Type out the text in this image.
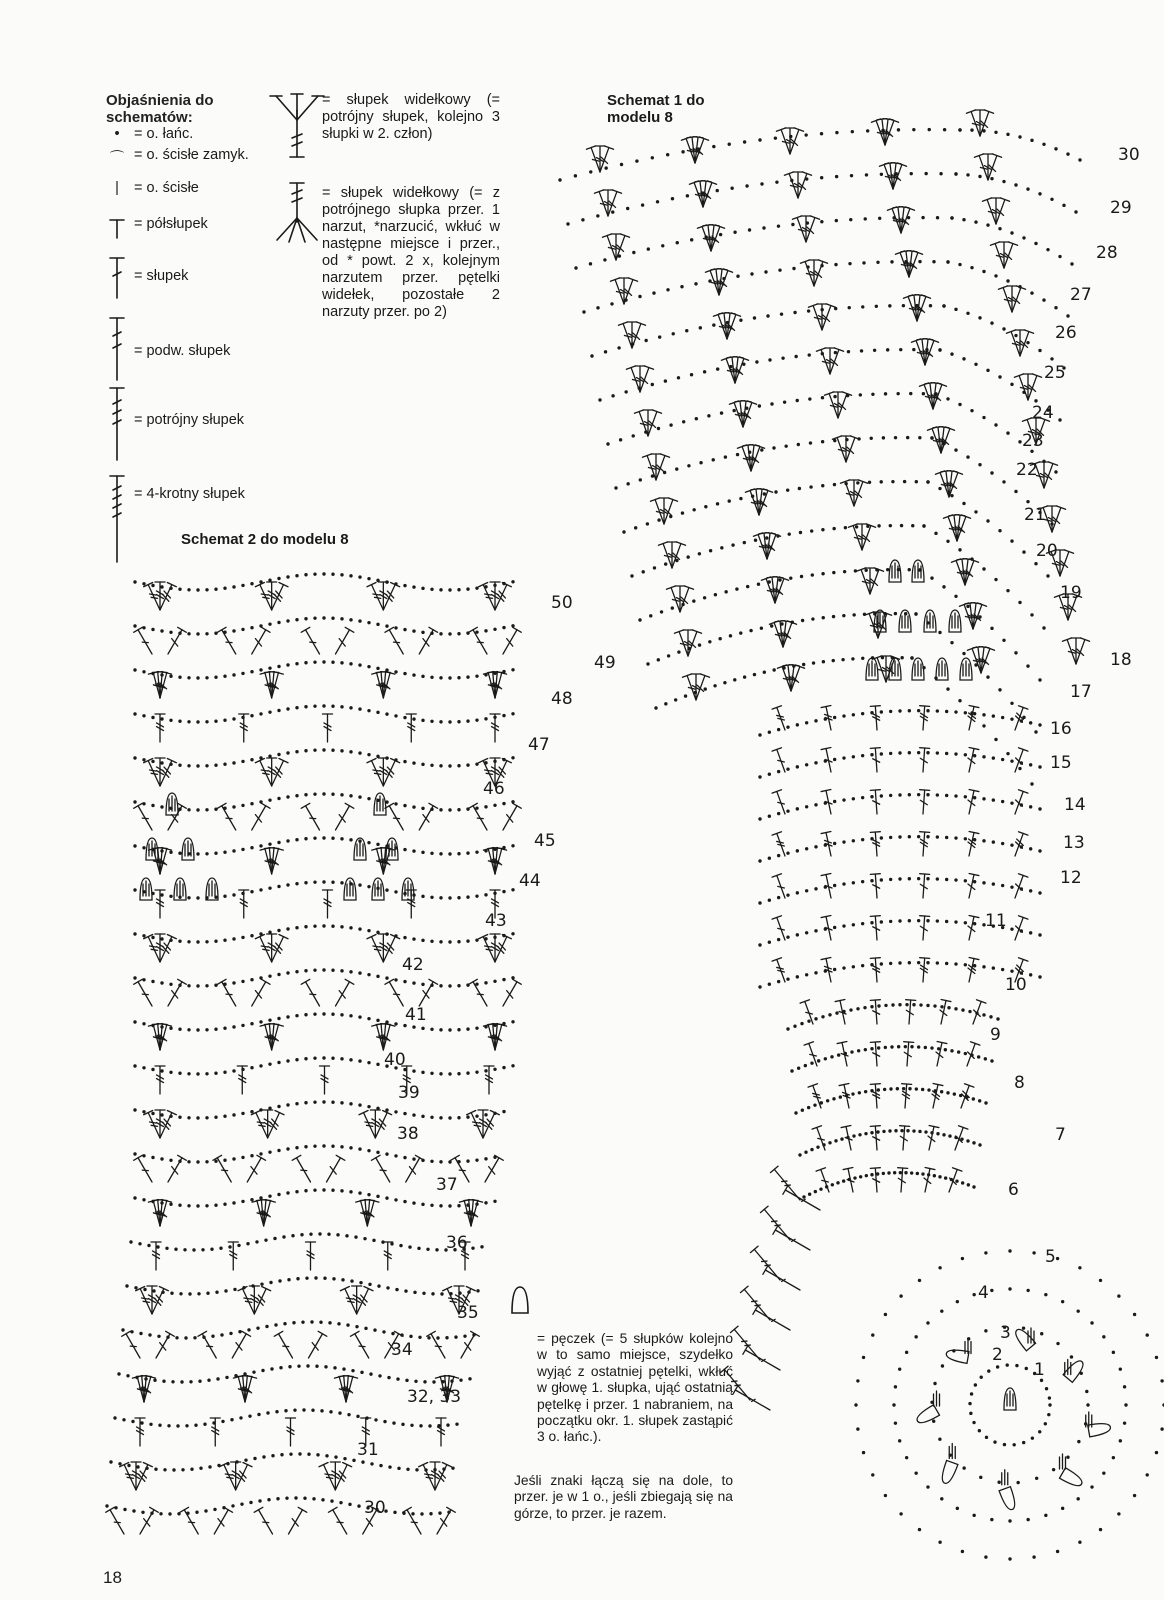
Objaśnienia do schematów:
• = o. łańc.
⌒ = o. ścisłe zamyk.
|	= o. ścisłe
= półsłupek
= słupek
= podw. słupek
= potrójny słupek
= 4-krotny słupek
= słupek widełkowy (= potrójny słupek, kolejno 3 słupki w 2. człon)
= słupek widełkowy (= z potrójnego słupka przer. 1 narzut, *narzucić, wkłuć w następne miejsce i przer., od * powt. 2 x, kolejnym narzutem przer. pętelki widełek, pozostałe 2 narzuty przer. po 2)
Schemat 1 do modelu 8
Schemat 2 do modelu 8
= pęczek (= 5 słupków kolejno w to samo miejsce, szydełko wyjąć z ostatniej pętelki, wkłuć w głowę 1. słupka, ująć ostatnią pętelkę i przer. 1 nabraniem, na początku okr. 1. słupek zastąpić 3 o. łańc.).
Jeśli znaki łączą się na dole, to przer. je w 1 o., jeśli zbiegają się na górze, to przer. je razem.
18
30
29
28
27
26
25
24
23
22
21
20
19
18
17
16
15
14
13
12
11
10
9
8
7
6
5
4
3
2
1
50
49
48
47
46
45
44
43
42
41
40
39
38
37
36
35
34
32, 33
31
30
